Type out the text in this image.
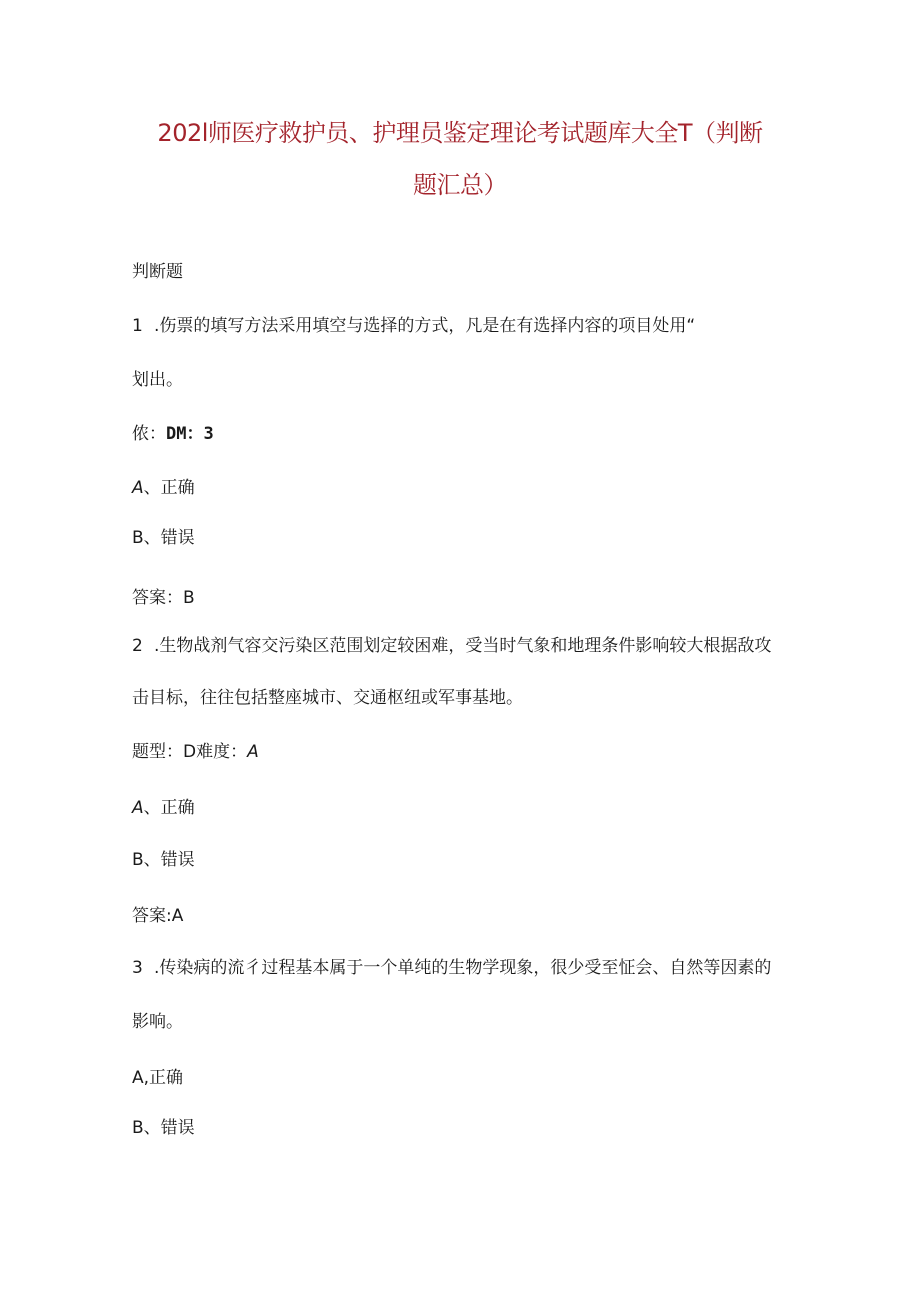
202l师医疗救护员、护理员鉴定理论考试题库大全T（判断
题汇总）
判断题
1 .伤票的填写方法采用填空与选择的方式，凡是在有选择内容的项目处用“
划出。
侬：DM：3
A、正确
B、错误
答案：B
2 .生物战剂气容交污染区范围划定较困难，受当时气象和地理条件影响较大根据敌攻
击目标，往往包括整座城市、交通枢纽或军事基地。
题型：D难度：A
A、正确
B、错误
答案:A
3 .传染病的流彳过程基本属于一个单纯的生物学现象，很少受至怔会、自然等因素的
影响。
A,正确
B、错误
